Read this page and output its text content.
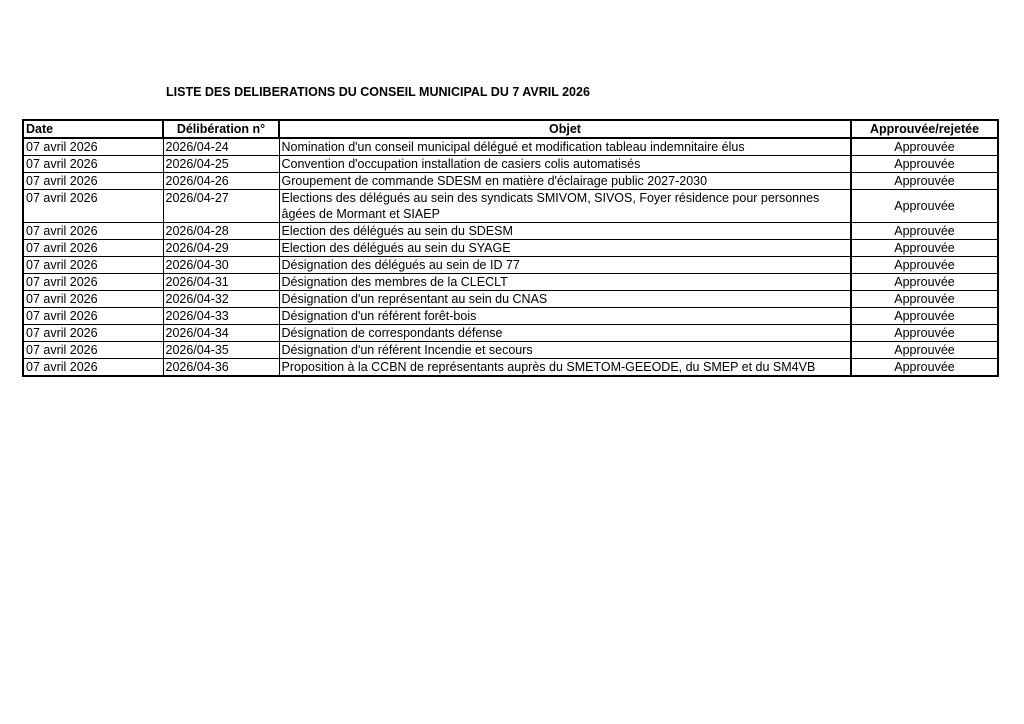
LISTE DES DELIBERATIONS DU CONSEIL MUNICIPAL DU 7 AVRIL 2026
Date	Délibération n°	Objet	Approuvée/rejetée
07 avril 2026	2026/04-24	Nomination d'un conseil municipal délégué et modification tableau indemnitaire élus	Approuvée
07 avril 2026	2026/04-25	Convention d'occupation installation de casiers colis automatisés	Approuvée
07 avril 2026	2026/04-26	Groupement de commande SDESM en matière d'éclairage public 2027-2030	Approuvée
07 avril 2026	2026/04-27	Elections des délégués au sein des syndicats SMIVOM, SIVOS, Foyer résidence pour personnes âgées de Mormant et SIAEP	Approuvée
07 avril 2026	2026/04-28	Election des délégués au sein du SDESM	Approuvée
07 avril 2026	2026/04-29	Election des délégués au sein du SYAGE	Approuvée
07 avril 2026	2026/04-30	Désignation des délégués au sein de ID 77	Approuvée
07 avril 2026	2026/04-31	Désignation des membres de la CLECLT	Approuvée
07 avril 2026	2026/04-32	Désignation d'un représentant au sein du CNAS	Approuvée
07 avril 2026	2026/04-33	Désignation d'un référent forêt-bois	Approuvée
07 avril 2026	2026/04-34	Désignation de correspondants défense	Approuvée
07 avril 2026	2026/04-35	Désignation d'un référent Incendie et secours	Approuvée
07 avril 2026	2026/04-36	Proposition à la CCBN de représentants auprès du SMETOM-GEEODE, du SMEP et du SM4VB	Approuvée
